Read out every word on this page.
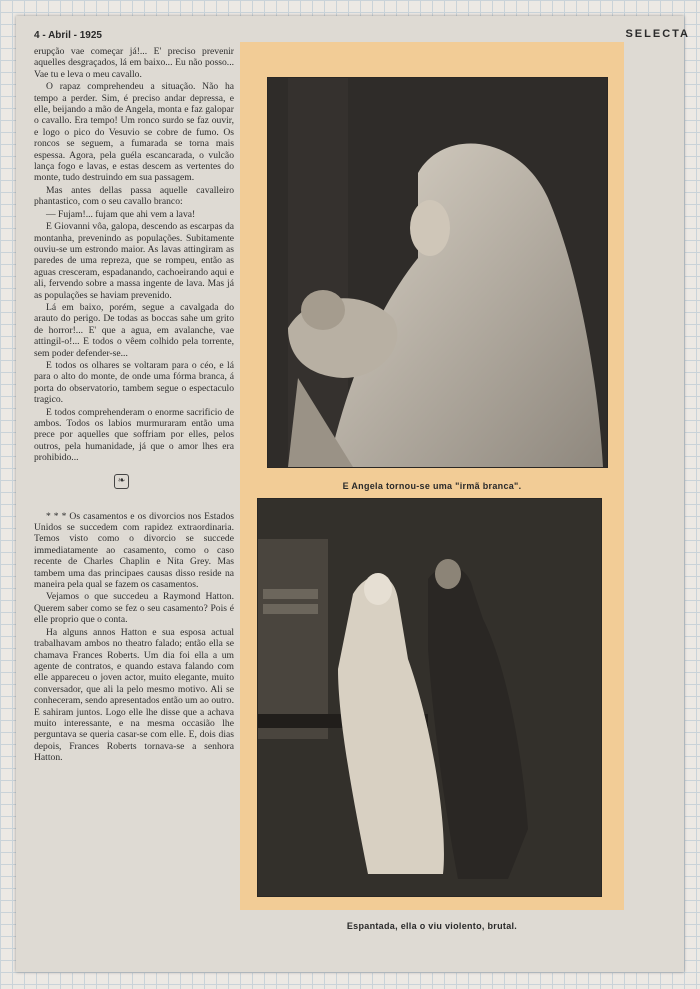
4 - Abril - 1925	SELECTA

erupção vae começar já!... E' preciso prevenir aquelles desgraçados, lá em baixo... Eu não posso... Vae tu e leva o meu cavallo.

O rapaz comprehendeu a situação. Não ha tempo a perder. Sim, é preciso andar depressa, e elle, beijando a mão de Angela, monta e faz galopar o cavallo. Era tempo! Um ronco surdo se faz ouvir, e logo o pico do Vesuvio se cobre de fumo. Os roncos se seguem, a fumarada se torna mais espessa. Agora, pela guéla escancarada, o vulcão lança fogo e lavas, e estas descem as vertentes do monte, tudo destruindo em sua passagem.

Mas antes dellas passa aquelle cavalleiro phantastico, com o seu cavallo branco:

— Fujam!... fujam que ahi vem a lava!

E Giovanni vôa, galopa, descendo as escarpas da montanha, prevenindo as populações. Subitamente ouviu-se um estrondo maior. As lavas attingiram as paredes de uma repreza, que se rompeu, então as aguas cresceram, espadanando, cachoeirando aqui e ali, fervendo sobre a massa ingente de lava. Mas já as populações se haviam prevenido.

Lá em baixo, porém, segue a cavalgada do arauto do perigo. De todas as boccas sahe um grito de horror!... E' que a agua, em avalanche, vae attingil-o!... E todos o vêem colhido pela torrente, sem poder defender-se...

E todos os olhares se voltaram para o céo, e lá para o alto do monte, de onde uma fórma branca, á porta do observatorio, tambem segue o espectaculo tragico.

E todos comprehenderam o enorme sacrificio de ambos. Todos os labios murmuraram então uma prece por aquelles que soffriam por elles, pelos outros, pela humanidade, já que o amor lhes era prohibido...

❧

* * * Os casamentos e os divorcios nos Estados Unidos se succedem com rapidez extraordinaria. Temos visto como o divorcio se succede immediatamente ao casamento, como o caso recente de Charles Chaplin e Nita Grey. Mas tambem uma das principaes causas disso reside na maneira pela qual se fazem os casamentos.

Vejamos o que succedeu a Raymond Hatton. Querem saber como se fez o seu casamento? Pois é elle proprio que o conta.

Ha alguns annos Hatton e sua esposa actual trabalhavam ambos no theatro falado; então ella se chamava Frances Roberts. Um dia foi ella a um agente de contratos, e quando estava falando com elle appareceu o joven actor, muito elegante, muito conversador, que ali la pelo mesmo motivo. Ali se conheceram, sendo apresentados então um ao outro. E sahiram juntos. Logo elle lhe disse que a achava muito interessante, e na mesma occasião lhe perguntava se queria casar-se com elle. E, dois dias depois, Frances Roberts tornava-se a senhora Hatton.

E Angela tornou-se uma "irmã branca".
Espantada, ella o viu violento, brutal.
